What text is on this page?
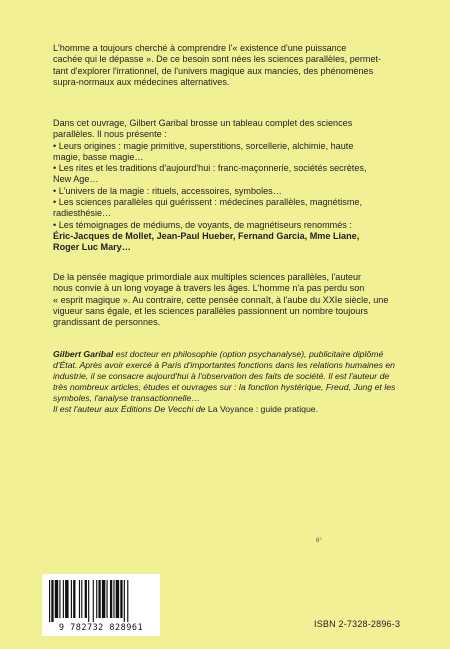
L'homme a toujours cherché à comprendre l'« existence d'une puissance
cachée qui le dépasse ». De ce besoin sont nées les sciences parallèles, permet-
tant d'explorer l'irrationnel, de l'univers magique aux mancies, des phénomènes
supra-normaux aux médecines alternatives.
Dans cet ouvrage, Gilbert Garibal brosse un tableau complet des sciences
parallèles. Il nous présente :
• Leurs origines : magie primitive, superstitions, sorcellerie, alchimie, haute
magie, basse magie…
• Les rites et les traditions d'aujourd'hui : franc-maçonnerie, sociétés secrètes,
New Age…
• L'univers de la magie : rituels, accessoires, symboles…
• Les sciences parallèles qui guérissent : médecines parallèles, magnétisme,
radiesthésie…
• Les témoignages de médiums, de voyants, de magnétiseurs renommés :
Éric-Jacques de Mollet, Jean-Paul Hueber, Fernand Garcia, Mme Liane,
Roger Luc Mary…
De la pensée magique primordiale aux multiples sciences parallèles, l'auteur
nous convie à un long voyage à travers les âges. L'homme n'a pas perdu son
« esprit magique ». Au contraire, cette pensée connaît, à l'aube du XXIe siècle, une
vigueur sans égale, et les sciences parallèles passionnent un nombre toujours
grandissant de personnes.
Gilbert Garibal est docteur en philosophie (option psychanalyse), publicitaire diplômé
d'État. Après avoir exercé à Paris d'importantes fonctions dans les relations humaines en
industrie, il se consacre aujourd'hui à l'observation des faits de société. Il est l'auteur de
très nombreux articles, études et ouvrages sur : la fonction hystérique, Freud, Jung et les
symboles, l'analyse transactionnelle…
Il est l'auteur aux Éditions De Vecchi de La Voyance : guide pratique.
6°
9 782732 828961	ISBN 2-7328-2896-3
